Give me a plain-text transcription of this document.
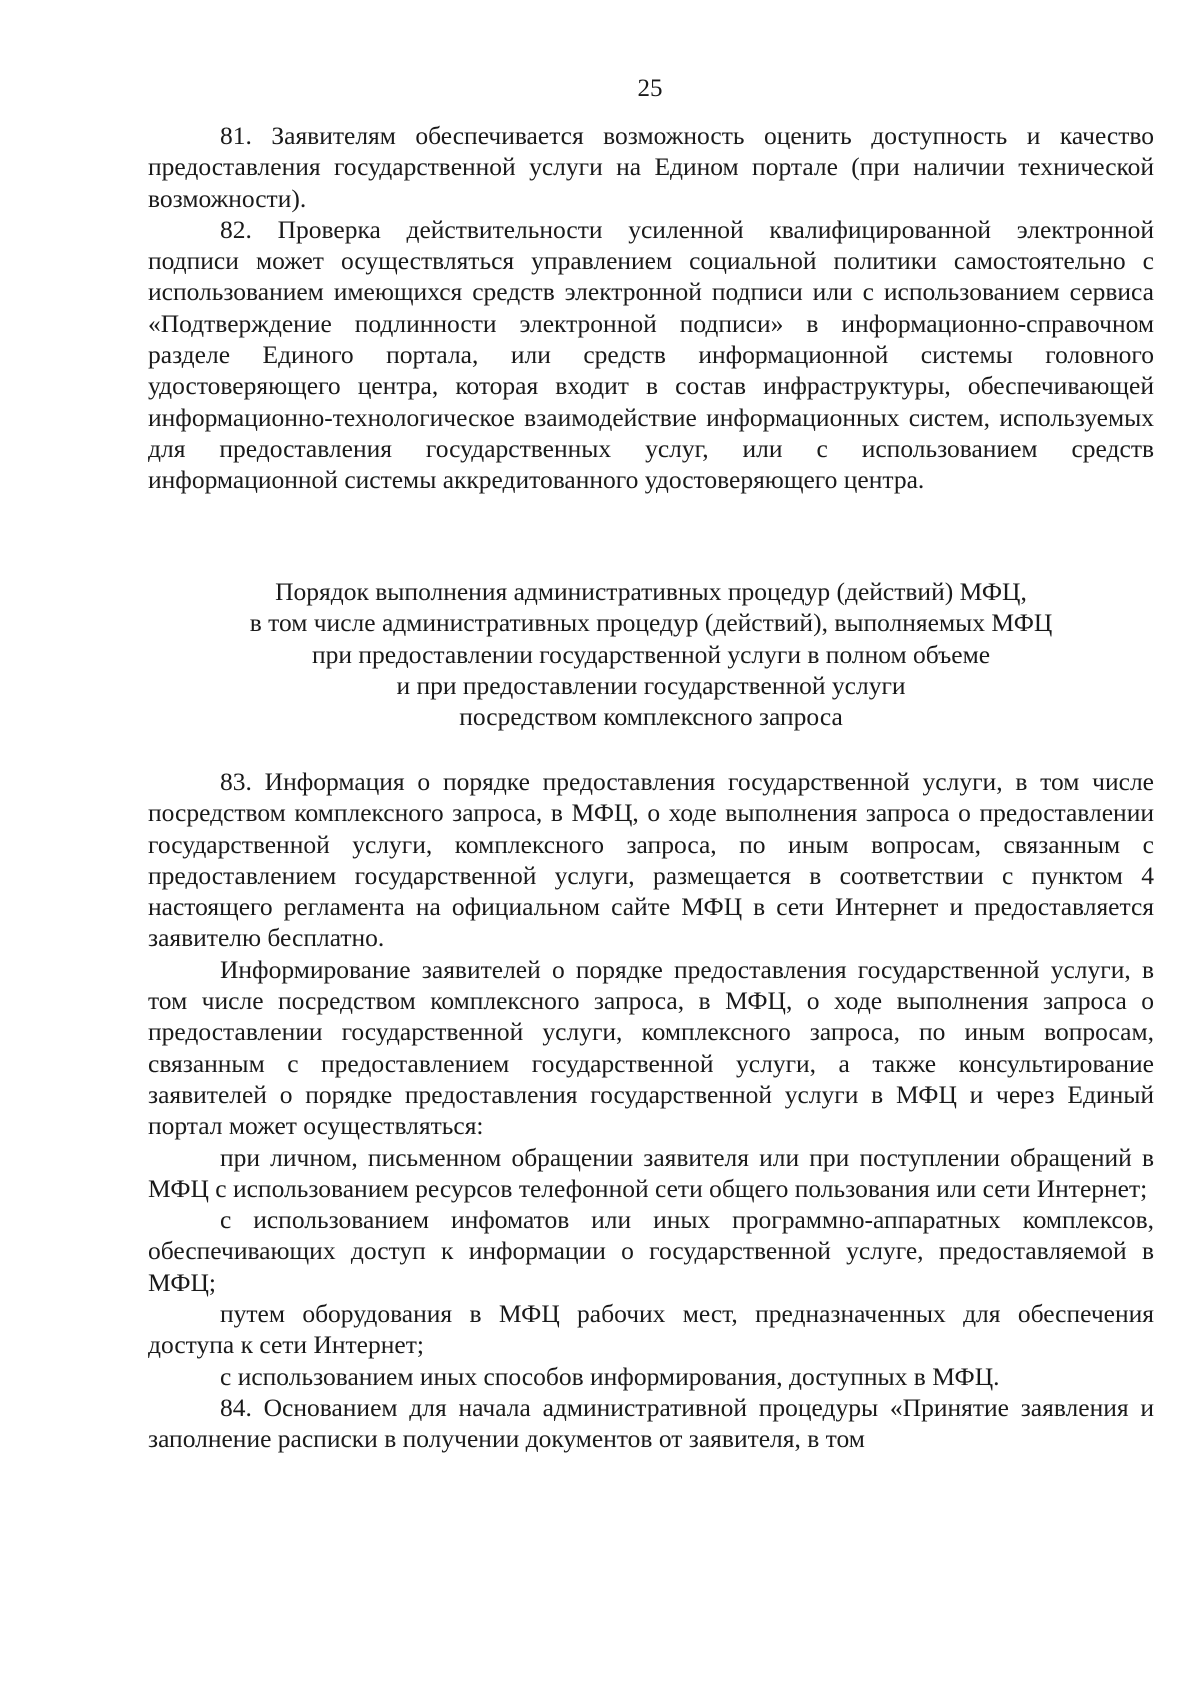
25

81. Заявителям обеспечивается возможность оценить доступность и качество предоставления государственной услуги на Едином портале (при наличии технической возможности).

82. Проверка действительности усиленной квалифицированной электронной подписи может осуществляться управлением социальной политики самостоятельно с использованием имеющихся средств электронной подписи или с использованием сервиса «Подтверждение подлинности электронной подписи» в информационно-справочном разделе Единого портала, или средств информационной системы головного удостоверяющего центра, которая входит в состав инфраструктуры, обеспечивающей информационно-технологическое взаимодействие информационных систем, используемых для предоставления государственных услуг, или с использованием средств информационной системы аккредитованного удостоверяющего центра.

Порядок выполнения административных процедур (действий) МФЦ,
в том числе административных процедур (действий), выполняемых МФЦ
при предоставлении государственной услуги в полном объеме
и при предоставлении государственной услуги
посредством комплексного запроса

83. Информация о порядке предоставления государственной услуги, в том числе посредством комплексного запроса, в МФЦ, о ходе выполнения запроса о предоставлении государственной услуги, комплексного запроса, по иным вопросам, связанным с предоставлением государственной услуги, размещается в соответствии с пунктом 4 настоящего регламента на официальном сайте МФЦ в сети Интернет и предоставляется заявителю бесплатно.

Информирование заявителей о порядке предоставления государственной услуги, в том числе посредством комплексного запроса, в МФЦ, о ходе выполнения запроса о предоставлении государственной услуги, комплексного запроса, по иным вопросам, связанным с предоставлением государственной услуги, а также консультирование заявителей о порядке предоставления государственной услуги в МФЦ и через Единый портал может осуществляться:

при личном, письменном обращении заявителя или при поступлении обращений в МФЦ с использованием ресурсов телефонной сети общего пользования или сети Интернет;

с использованием инфоматов или иных программно-аппаратных комплексов, обеспечивающих доступ к информации о государственной услуге, предоставляемой в МФЦ;

путем оборудования в МФЦ рабочих мест, предназначенных для обеспечения доступа к сети Интернет;

с использованием иных способов информирования, доступных в МФЦ.

84. Основанием для начала административной процедуры «Принятие заявления и заполнение расписки в получении документов от заявителя, в том
